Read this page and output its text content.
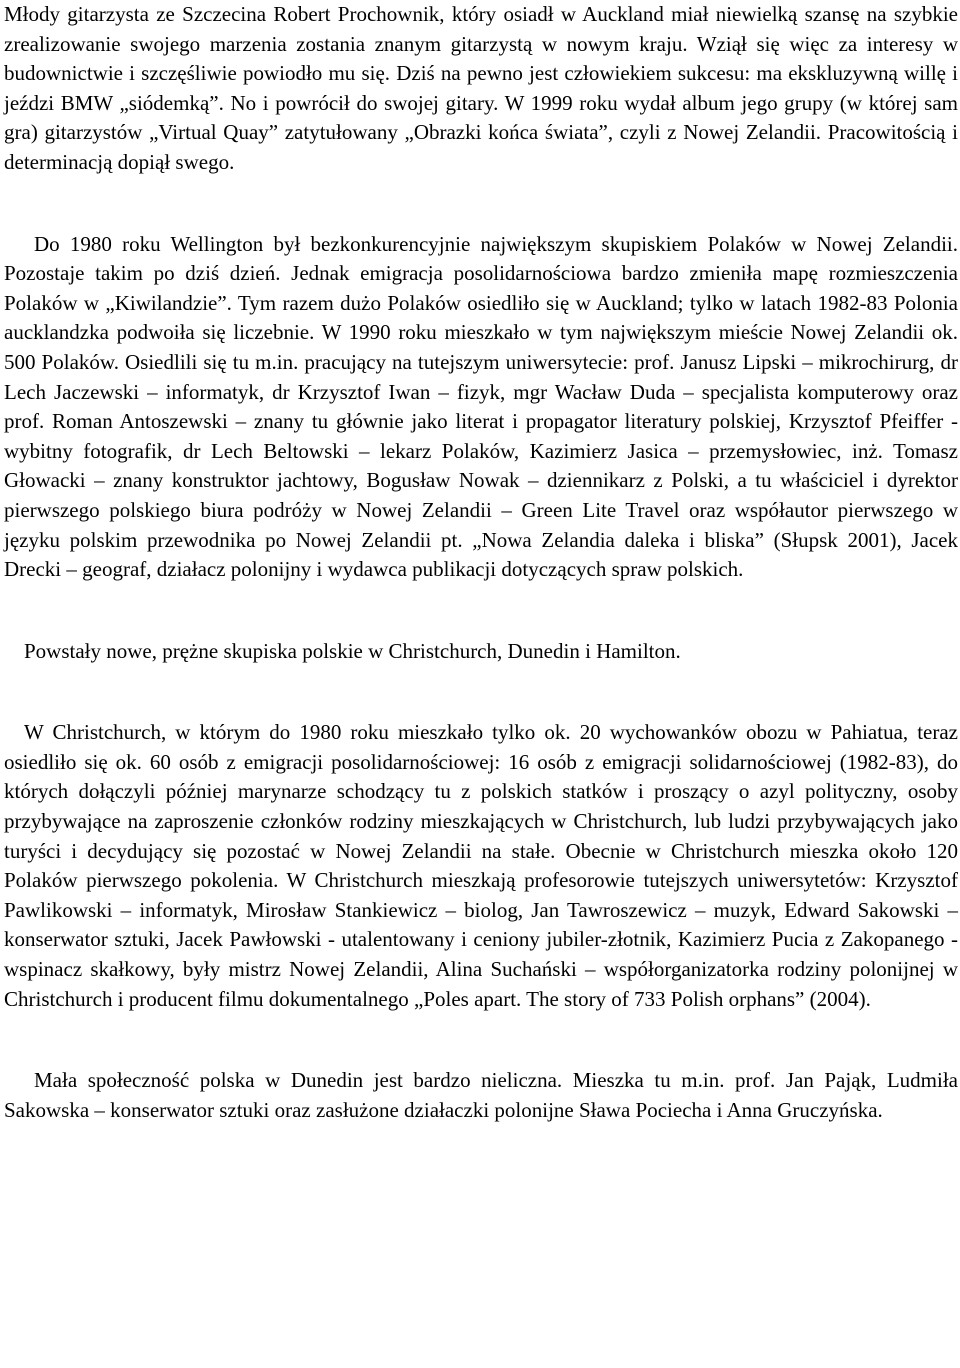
Młody gitarzysta ze Szczecina Robert Prochownik, który osiadł w Auckland miał niewielką szansę na szybkie zrealizowanie swojego marzenia zostania znanym gitarzystą w nowym kraju. Wziął się więc za interesy w budownictwie i szczęśliwie powiodło mu się. Dziś na pewno jest człowiekiem sukcesu: ma ekskluzywną willę i jeździ BMW „siódemką”. No i powrócił do swojej gitary. W 1999 roku wydał album jego grupy (w której sam gra) gitarzystów „Virtual Quay” zatytułowany „Obrazki końca świata”, czyli z Nowej Zelandii. Pracowitością i determinacją dopiął swego.

Do 1980 roku Wellington był bezkonkurencyjnie największym skupiskiem Polaków w Nowej Zelandii. Pozostaje takim po dziś dzień. Jednak emigracja posolidarnościowa bardzo zmieniła mapę rozmieszczenia Polaków w „Kiwilandzie”. Tym razem dużo Polaków osiedliło się w Auckland; tylko w latach 1982-83 Polonia aucklandzka podwoiła się liczebnie. W 1990 roku mieszkało w tym największym mieście Nowej Zelandii ok. 500 Polaków. Osiedlili się tu m.in. pracujący na tutejszym uniwersytecie: prof. Janusz Lipski – mikrochirurg, dr Lech Jaczewski – informatyk, dr Krzysztof Iwan – fizyk, mgr Wacław Duda – specjalista komputerowy oraz prof. Roman Antoszewski – znany tu głównie jako literat i propagator literatury polskiej, Krzysztof Pfeiffer - wybitny fotografik, dr Lech Beltowski – lekarz Polaków, Kazimierz Jasica – przemysłowiec, inż. Tomasz Głowacki – znany konstruktor jachtowy, Bogusław Nowak – dziennikarz z Polski, a tu właściciel i dyrektor pierwszego polskiego biura podróży w Nowej Zelandii – Green Lite Travel oraz współautor pierwszego w języku polskim przewodnika po Nowej Zelandii pt. „Nowa Zelandia daleka i bliska” (Słupsk 2001), Jacek Drecki – geograf, działacz polonijny i wydawca publikacji dotyczących spraw polskich.

Powstały nowe, prężne skupiska polskie w Christchurch, Dunedin i Hamilton.

W Christchurch, w którym do 1980 roku mieszkało tylko ok. 20 wychowanków obozu w Pahiatua, teraz osiedliło się ok. 60 osób z emigracji posolidarnościowej: 16 osób z emigracji solidarnościowej (1982-83), do których dołączyli później marynarze schodzący tu z polskich statków i proszący o azyl polityczny, osoby przybywające na zaproszenie członków rodziny mieszkających w Christchurch, lub ludzi przybywających jako turyści i decydujący się pozostać w Nowej Zelandii na stałe. Obecnie w Christchurch mieszka około 120 Polaków pierwszego pokolenia. W Christchurch mieszkają profesorowie tutejszych uniwersytetów: Krzysztof Pawlikowski – informatyk, Mirosław Stankiewicz – biolog, Jan Tawroszewicz – muzyk, Edward Sakowski – konserwator sztuki, Jacek Pawłowski - utalentowany i ceniony jubiler-złotnik, Kazimierz Pucia z Zakopanego - wspinacz skałkowy, były mistrz Nowej Zelandii, Alina Suchański – współorganizatorka rodziny polonijnej w Christchurch i producent filmu dokumentalnego „Poles apart. The story of 733 Polish orphans” (2004).

Mała społeczność polska w Dunedin jest bardzo nieliczna. Mieszka tu m.in. prof. Jan Pająk, Ludmiła Sakowska – konserwator sztuki oraz zasłużone działaczki polonijne Sława Pociecha i Anna Gruczyńska.
